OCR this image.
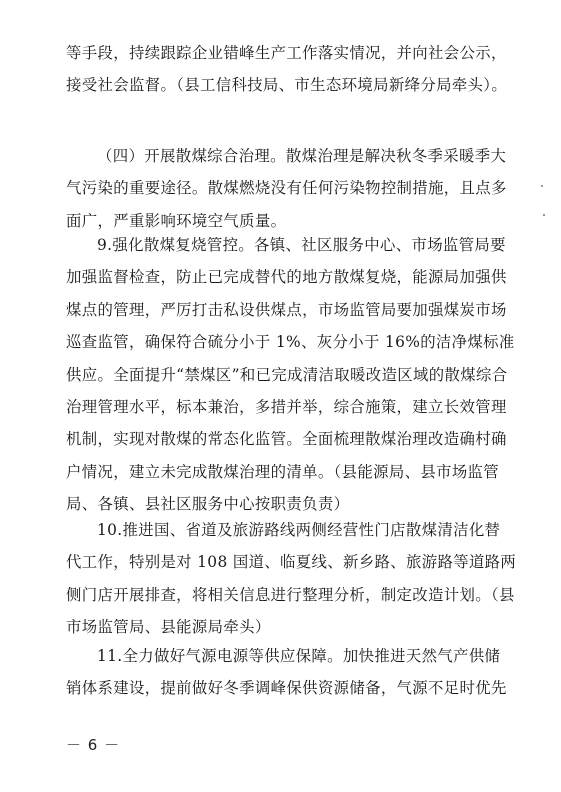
等手段，持续跟踪企业错峰生产工作落实情况，并向社会公示，
接受社会监督。（县工信科技局、市生态环境局新绛分局牵头）。
（四）开展散煤综合治理。散煤治理是解决秋冬季采暖季大
气污染的重要途径。散煤燃烧没有任何污染物控制措施，且点多
面广，严重影响环境空气质量。
9.强化散煤复烧管控。各镇、社区服务中心、市场监管局要
加强监督检查，防止已完成替代的地方散煤复烧，能源局加强供
煤点的管理，严厉打击私设供煤点，市场监管局要加强煤炭市场
巡查监管，确保符合硫分小于 1%、灰分小于 16%的洁净煤标准
供应。全面提升“禁煤区”和已完成清洁取暖改造区域的散煤综合
治理管理水平，标本兼治，多措并举，综合施策，建立长效管理
机制，实现对散煤的常态化监管。全面梳理散煤治理改造确村确
户情况，建立未完成散煤治理的清单。（县能源局、县市场监管
局、各镇、县社区服务中心按职责负责）
10.推进国、省道及旅游路线两侧经营性门店散煤清洁化替
代工作，特别是对 108 国道、临夏线、新乡路、旅游路等道路两
侧门店开展排查，将相关信息进行整理分析，制定改造计划。（县
市场监管局、县能源局牵头）
11.全力做好气源电源等供应保障。加快推进天然气产供储
销体系建设，提前做好冬季调峰保供资源储备，气源不足时优先
－ 6 －
